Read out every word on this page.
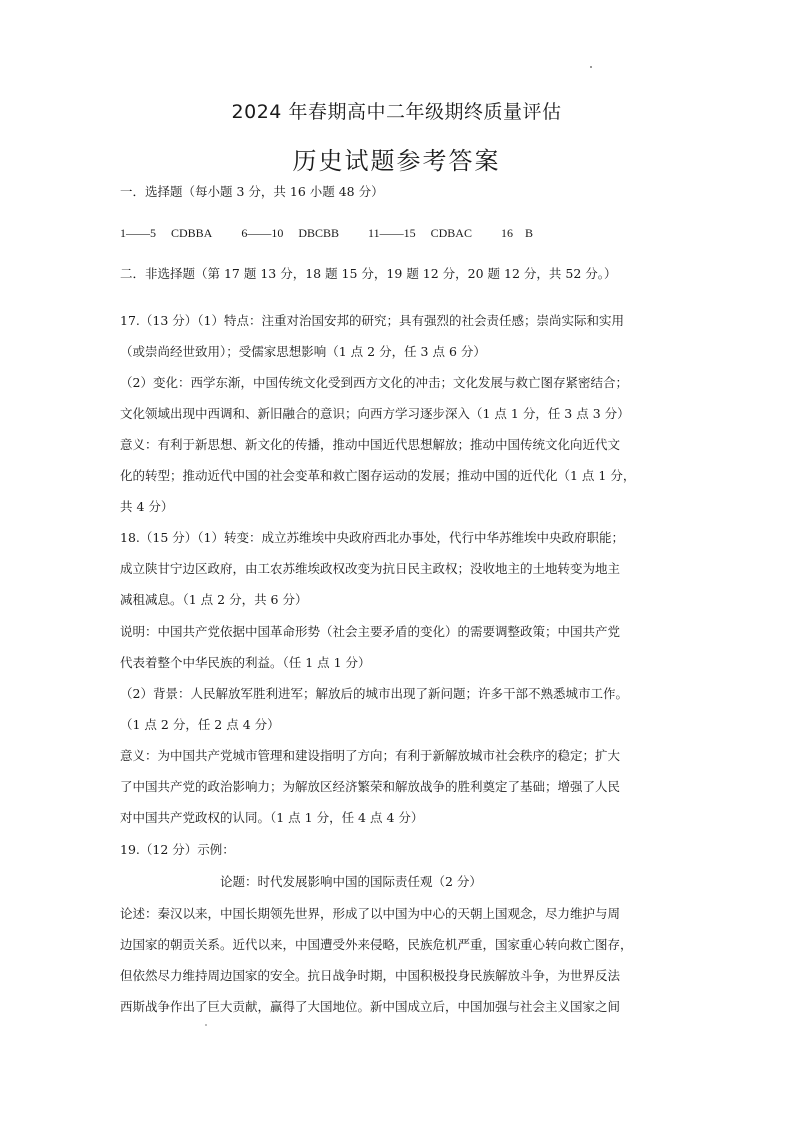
2024 年春期高中二年级期终质量评估
历史试题参考答案
一．选择题（每小题 3 分，共 16 小题 48 分）
1——5　 CDBBA 6——10　 DBCBB 11——15　 CDBAC 16　B
二．非选择题（第 17 题 13 分，18 题 15 分，19 题 12 分，20 题 12 分，共 52 分。）
17.（13 分）（1）特点：注重对治国安邦的研究；具有强烈的社会责任感；崇尚实际和实用
（或崇尚经世致用）；受儒家思想影响（1 点 2 分，任 3 点 6 分）
（2）变化：西学东渐，中国传统文化受到西方文化的冲击；文化发展与救亡图存紧密结合；
文化领域出现中西调和、新旧融合的意识；向西方学习逐步深入（1 点 1 分，任 3 点 3 分）
意义：有利于新思想、新文化的传播，推动中国近代思想解放；推动中国传统文化向近代文
化的转型；推动近代中国的社会变革和救亡图存运动的发展；推动中国的近代化（1 点 1 分，
共 4 分）
18.（15 分）（1）转变：成立苏维埃中央政府西北办事处，代行中华苏维埃中央政府职能；
成立陕甘宁边区政府，由工农苏维埃政权改变为抗日民主政权；没收地主的土地转变为地主
减租减息。（1 点 2 分，共 6 分）
说明：中国共产党依据中国革命形势（社会主要矛盾的变化）的需要调整政策；中国共产党
代表着整个中华民族的利益。（任 1 点 1 分）
（2）背景：人民解放军胜利进军；解放后的城市出现了新问题；许多干部不熟悉城市工作。
（1 点 2 分，任 2 点 4 分）
意义：为中国共产党城市管理和建设指明了方向；有利于新解放城市社会秩序的稳定；扩大
了中国共产党的政治影响力；为解放区经济繁荣和解放战争的胜利奠定了基础；增强了人民
对中国共产党政权的认同。（1 点 1 分，任 4 点 4 分）
19.（12 分）示例：
论题：时代发展影响中国的国际责任观（2 分）
论述：秦汉以来，中国长期领先世界，形成了以中国为中心的天朝上国观念，尽力维护与周
边国家的朝贡关系。近代以来，中国遭受外来侵略，民族危机严重，国家重心转向救亡图存，
但依然尽力维持周边国家的安全。抗日战争时期，中国积极投身民族解放斗争，为世界反法
西斯战争作出了巨大贡献，赢得了大国地位。新中国成立后，中国加强与社会主义国家之间
